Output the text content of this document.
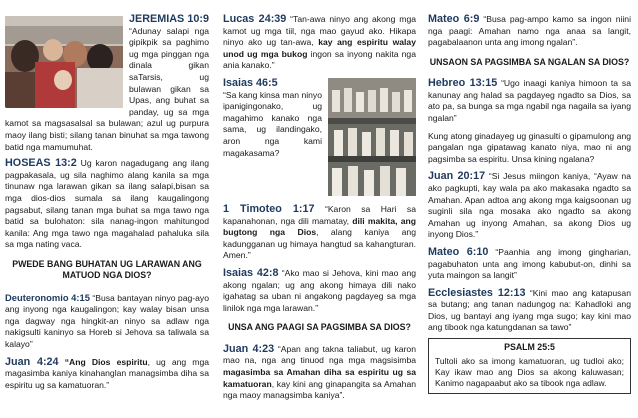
JEREMIAS 10:9
“Adunay salapi nga gipikpik sa paghimo ug mga pinggan nga dinala gikan saTarsis, ug bulawan gikan sa Upas, ang buhat sa panday, ug sa mga kamot sa magsasalsal sa bulawan; azul ug purpura maoy ilang bisti; silang tanan binuhat sa mga tawong batid nga mamumuhat.

HOSEAS 13:2 Ug karon nagadugang ang ilang pagpakasala, ug sila naghimo alang kanila sa mga tinunaw nga larawan gikan sa ilang salapi,bisan sa mga dios-dios sumala sa ilang kaugalingong pagsabut, silang tanan mga buhat sa mga tawo nga batid sa bulohaton: sila nanag-ingon mahitungod kanila: Ang mga tawo nga magahalad pahaluka sila sa mga nating vaca.

PWEDE BANG BUHATAN UG LARAWAN ANG MATUOD NGA DIOS?

Deuteronomio 4:15 “Busa bantayan ninyo pag-ayo ang inyong nga kaugalingon; kay walay bisan unsa nga dagway nga hingkit-an ninyo sa adlaw nga nakigsulti kaninyo sa Horeb si Jehova sa taliwala sa kalayo”

Juan 4:24 “Ang Dios espiritu, ug ang mga magasimba kaniya kinahanglan managsimba diha sa espiritu ug sa kamatuoran.”

Lucas 24:39 “Tan-awa ninyo ang akong mga kamot ug mga tiil, nga mao gayud ako. Hikapa ninyo ako ug tan-awa, kay ang espiritu walay unod ug mga bukog ingon sa inyong nakita nga ania kanako.”

Isaias 46:5
“Sa kang kinsa man ninyo ipanigingonako, ug magahimo kanako nga sama, ug ilandingako, aron nga kami magakasama?

1 Timoteo 1:17 “Karon sa Hari sa kapanahonan, nga dili mamatay, dili makita, ang bugtong nga Dios, alang kaniya ang kadungganan ug himaya hangtud sa kahangturan. Amen.”

Isaias 42:8 “Ako mao si Jehova, kini mao ang akong ngalan; ug ang akong himaya dili nako igahatag sa uban ni angakong pagdayeg sa mga linilok nga mga larawan.”

UNSA ANG PAAGI SA PAGSIMBA SA DIOS?

Juan 4:23 “Apan ang takna taliabut, ug karon mao na, nga ang tinuod nga mga magsisimba magasimba sa Amahan diha sa espiritu ug sa kamatuoran, kay kini ang ginapangita sa Amahan nga maoy managsimba kaniya”.

Mateo 6:9 “Busa pag-ampo kamo sa ingon niini nga paagi: Amahan namo nga anaa sa langit, pagabalaanon unta ang imong ngalan”.

UNSAON SA PAGSIMBA SA NGALAN SA DIOS?

Hebreo 13:15 “Ugo inaagi kaniya himoon ta sa kanunay ang halad sa pagdayeg ngadto sa Dios, sa ato pa, sa bunga sa mga ngabil nga nagaila sa iyang ngalan”

Kung atong ginadayeg ug ginasulti o gipamulong ang pangalan nga gipatawag kanato niya, mao ni ang pagsimba sa espiritu. Unsa kining ngalana?

Juan 20:17 “Si Jesus miingon kaniya, “Ayaw na ako pagkupti, kay wala pa ako makasaka ngadto sa Amahan. Apan adtoa ang akong mga kaigsoonan ug suginli sila nga mosaka ako ngadto sa akong Amahan ug inyong Amahan, sa akong Dios ug inyong Dios.”

Mateo 6:10 “Paanhia ang imong gingharian, pagabuhaton unta ang imong kabubut-on, dinhi sa yuta maingon sa langit”

Ecclesiastes 12:13 “Kini mao ang katapusan sa butang; ang tanan nadungog na: Kahadloki ang Dios, ug bantayi ang iyang mga sugo; kay kini mao ang tibook nga katungdanan sa tawo”

PSALM 25:5

Tultoli ako sa imong kamatuoran, ug tudloi ako; Kay ikaw mao ang Dios sa akong kaluwasan; Kanimo nagapaabut ako sa tibook nga adlaw.
